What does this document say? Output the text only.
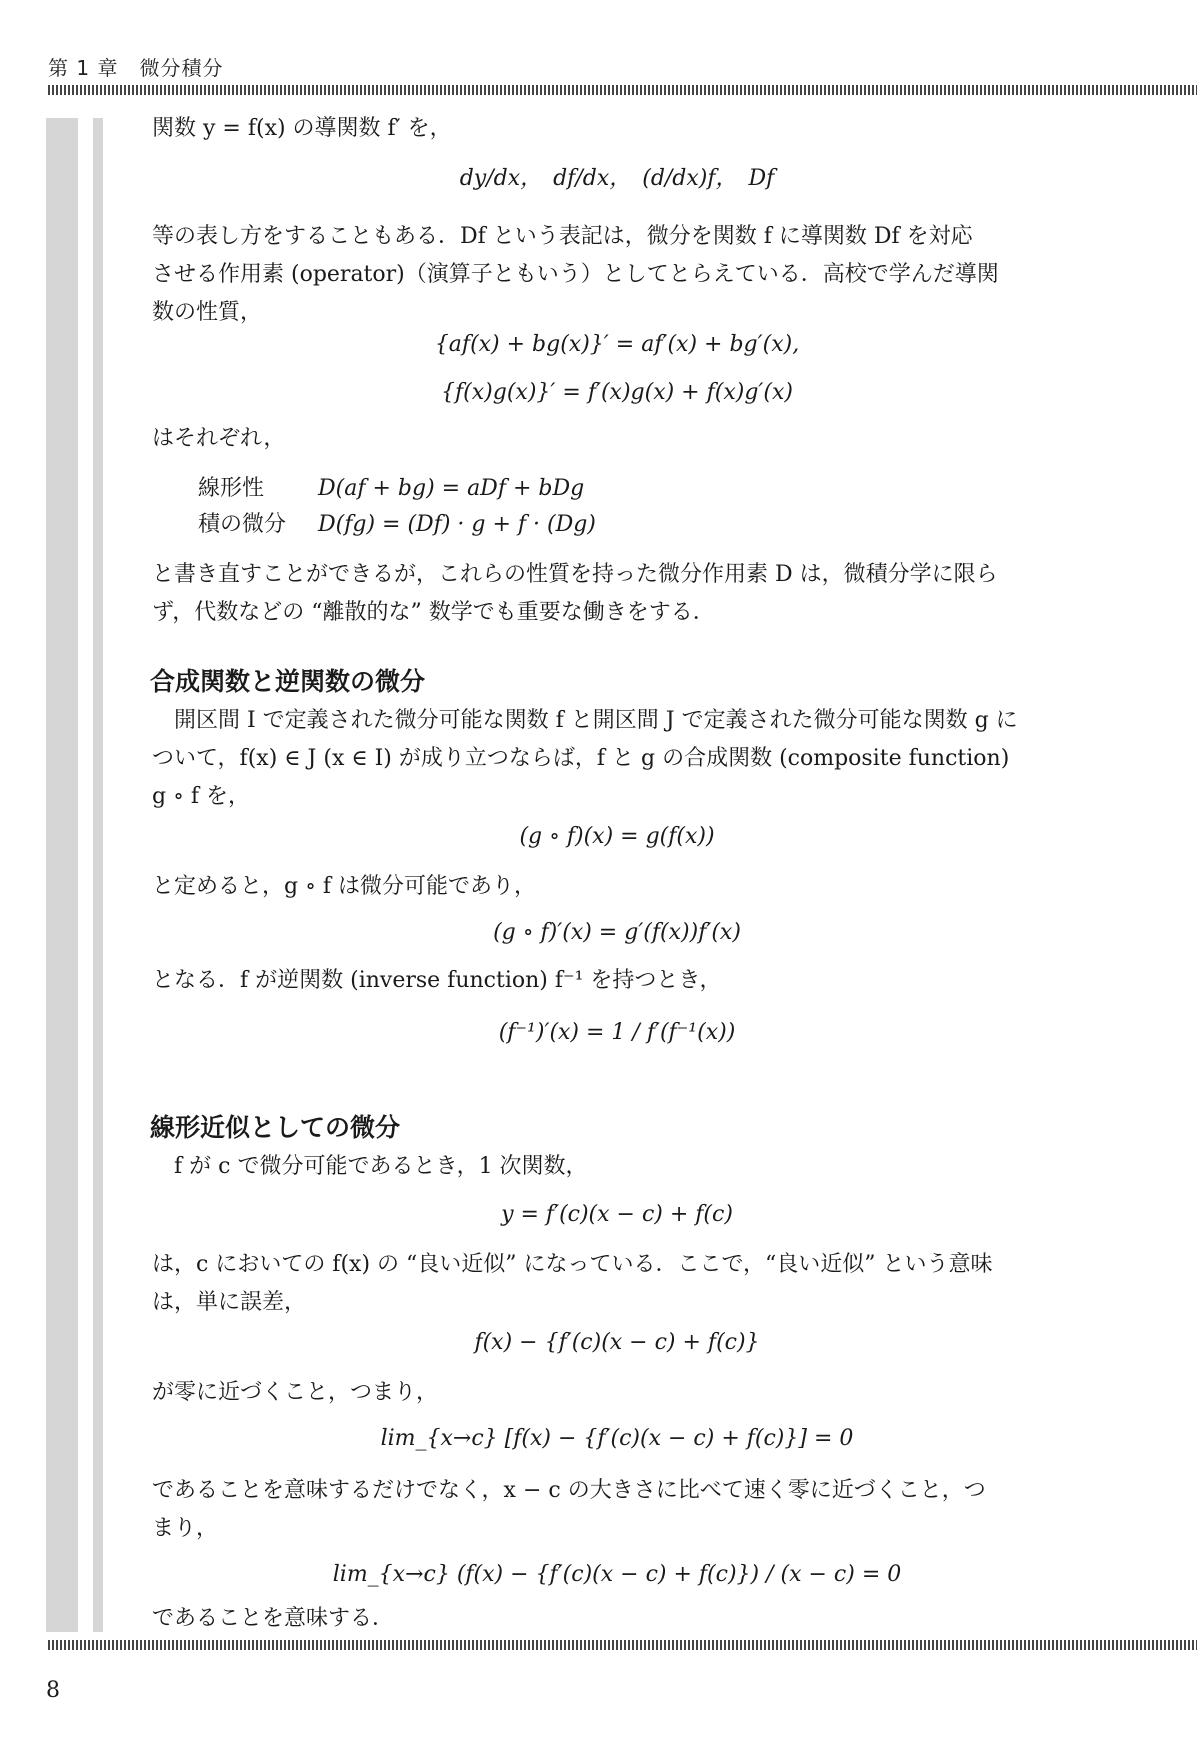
第 1 章　微分積分
関数 y = f(x) の導関数 f′ を，
dy/dx，　df/dx，　(d/dx)f，　Df
等の表し方をすることもある．Df という表記は，微分を関数 f に導関数 Df を対応
させる作用素 (operator)（演算子ともいう）としてとらえている．高校で学んだ導関
数の性質，
{af(x) + bg(x)}′ = af′(x) + bg′(x),
{f(x)g(x)}′ = f′(x)g(x) + f(x)g′(x)
はそれぞれ，
線形性 D(af + bg) = aDf + bDg
積の微分 D(fg) = (Df) · g + f · (Dg)
と書き直すことができるが，これらの性質を持った微分作用素 D は，微積分学に限ら
ず，代数などの “離散的な” 数学でも重要な働きをする．
合成関数と逆関数の微分
　開区間 I で定義された微分可能な関数 f と開区間 J で定義された微分可能な関数 g に
ついて，f(x) ∈ J (x ∈ I) が成り立つならば，f と g の合成関数 (composite function)
g ∘ f を，
(g ∘ f)(x) = g(f(x))
と定めると，g ∘ f は微分可能であり，
(g ∘ f)′(x) = g′(f(x))f′(x)
となる．f が逆関数 (inverse function) f⁻¹ を持つとき，
(f⁻¹)′(x) = 1 / f′(f⁻¹(x))
線形近似としての微分
　f が c で微分可能であるとき，1 次関数，
y = f′(c)(x − c) + f(c)
は，c においての f(x) の “良い近似” になっている．ここで，“良い近似” という意味
は，単に誤差，
f(x) − {f′(c)(x − c) + f(c)}
が零に近づくこと，つまり，
lim_{x→c} [f(x) − {f′(c)(x − c) + f(c)}] = 0
であることを意味するだけでなく，x − c の大きさに比べて速く零に近づくこと，つ
まり，
lim_{x→c} (f(x) − {f′(c)(x − c) + f(c)}) / (x − c) = 0
であることを意味する．
8
